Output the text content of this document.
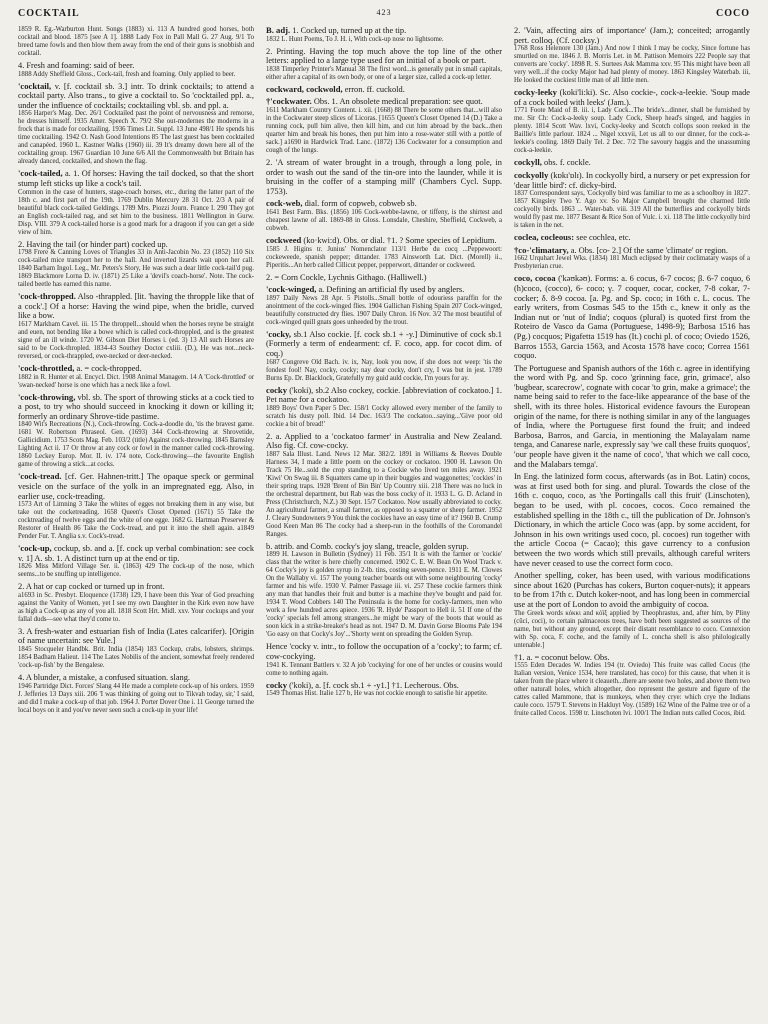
COCKTAIL	423	COCO
1859 R. Eg.-Warburton Hunt. Songs (1883) xi. 113 A hundred good horses, both cocktail and blood. 1875 [see A 1]. 1888 Lady Fox in Pall Mall G. 27 Aug. 9/1 To breed tame fowls and then blow them away from the end of their guns is snobbish and cocktail.
4. Fresh and foaming: said of beer.
1888 Addy Sheffield Gloss., Cock-tail, fresh and foaming. Only applied to beer.
'cocktail, v. [f. cocktail sb. 3.] intr. To drink cocktails; to attend a cocktail party. Also trans., to give a cocktail to. So 'cocktailed ppl. a., under the influence of cocktails; cocktailing vbl. sb. and ppl. a.
1856 Harper's Mag. Dec. 26/1 Cocktailed past the point of nervousness and remorse, he dresses himself. 1935 Amer. Speech X. 79/2 She out-modernes the moderns in a frock that is made for cocktailing. 1936 Times Lit. Suppl. 13 June 498/1 He spends his time cocktailing. 1942 O. Nash Good Intentions 85 The last guest has been cocktailed and canapéed. 1960 L. Kastner Walks (1960) iii. 39 It's dreamy down here all of the cocktailing group. 1967 Guardian 10 June 6/6 All the Commonwealth but Britain has already danced, cocktailed, and shown the flag.
'cock-tailed, a. 1. Of horses: Having the tail docked, so that the short stump left sticks up like a cock's tail.
Common in the case of hunters, stage-coach horses, etc., during the latter part of the 18th c. and first part of the 19th. 1769 Dublin Mercury 28 31 Oct. 2/3 A pair of beautiful black cock-tailed Geldings. 1789 Mrs. Piozzi Journ. France I. 290 They got an English cock-tailed nag, and set him to the business. 1811 Wellington in Gurw. Disp. VIII. 379 A cock-tailed horse is a good mark for a dragoon if you can get a side view of him.
2. Having the tail (or hinder part) cocked up.
1798 Frere & Canning Loves of Triangles 33 in Anti-Jacobin No. 23 (1852) 110 Six cock-tailed mice transport her to the hall. And inverted lizards wait upon her call. 1840 Barham Ingol. Leg., Mr. Peters's Story, He was such a dear little cock-tail'd pug. 1869 Blackmore Lorna D. iv. (1871) 25 Like a 'devil's coach-horse'. Note. The cock-tailed beetle has earned this name.
'cock-thropped. Also -thrappled. [lit. 'having the thropple like that of a cock'.] Of a horse: Having the wind pipe, when the bridle, curved like a bow.
1617 Markham Cavel. iii. 15 The throppell...should when the horses reyne be straight and euen, not bending like a bowe which is called cock-throppled, and is the greatest signe of an ill winde. 1720 W. Gibson Diet Horses i. (ed. 3) 13 All such Horses are said to be Cock-thropled. 1834-43 Southey Doctor cxliii. (D.), He was not...neck-reversed, or cock-thrappled, ewe-necked or deer-necked.
'cock-throttled, a. = cock-thropped.
1882 in R. Hunter et al. Encycl. Dict. 1908 Animal Managem. 14 A 'Cock-throttled' or 'swan-necked' horse is one which has a neck like a fowl.
'cock-throwing, vbl. sb. The sport of throwing sticks at a cock tied to a post, to try who should succeed in knocking it down or killing it; formerly an ordinary Shrove-tide pastime.
1840 Wit's Recreations (N.), Cock-throwing. Cock-a-doodle do, 'tis the bravest game. 1681 W. Robertson Phraseol. Gen. (1693) 344 Cock-throwing at Shrovetide, Gallicidium. 1753 Scots Mag. Feb. 103/2 (title) Against cock-throwing. 1845 Barnsley Lighting Act ii. 17 Or throw at any cock or fowl in the manner called cock-throwing. 1860 Leckey Europ. Mor. II. iv. 174 note, Cock-throwing—the favourite English game of throwing a stick...at cocks.
'cock-tread. [cf. Ger. Hahnen-tritt.] The opaque speck or germinal vesicle on the surface of the yolk in an impregnated egg. Also, in earlier use, cock-treading.
1573 Art of Limning 3 Take the whites of egges not breaking them in any wise, but take out the cocketreading. 1658 Queen's Closet Opened (1671) 55 Take the cocktreading of twelve eggs and the white of one egge. 1682 G. Hartman Preserver & Restorer of Health 86 Take the Cock-tread, and put it into the shell again. a1849 Pender Fur. T. Anglia s.v. Cock's-tread.
'cock-up, cockup, sb. and a. [f. cock up verbal combination: see cock v. 1] A. sb. 1. A distinct turn up at the end or tip.
1826 Miss Mitford Village Ser. ii. (1863) 429 The cock-up of the nose, which seems...to be snuffing up intelligence.
2. A hat or cap cocked or turned up in front.
a1693 in Sc. Presbyt. Eloquence (1738) 129, I have been this Year of God preaching against the Vanity of Women, yet I see my own Daughter in the Kirk even now have as high a Cock-up as any of you all. 1818 Scott Hrt. Midl. xxv. Your cockups and your fallal duds—see what they'd come to.
3. A fresh-water and estuarian fish of India (Lates calcarifer). [Origin of name uncertain: see Yule.]
1845 Stocqueler Handbk. Brit. India (1854) 183 Cockup, crabs, lobsters, shrimps. 1854 Badham Halieut. 114 The Lates Nobilis of the ancient, somewhat freely rendered 'cock-up-fish' by the Bengalese.
4. A blunder, a mistake, a confused situation. slang.
1946 Partridge Dict. Forces' Slang 44 He made a complete cock-up of his orders. 1959 J. Jefferies 13 Days xiii. 206 'I was thinking of going out to Tikvah today, sir,' I said, and did I make a cock-up of that job. 1964 J. Porter Dover One i. 11 George turned the local boys on it and you've never seen such a cock-up in your life!
B. adj. 1. Cocked up, turned up at the tip.
1832 L. Hunt Poems, To J. H. i, With cock-up nose no lightsome.
2. Printing. Having the top much above the top line of the other letters: applied to a large type used for an initial of a book or part.
1838 Timperley Printer's Manual 38 The first word...is generally put in small capitals, either after a capital of its own body, or one of a larger size, called a cock-up letter.
cockward, cockwold, erron. ff. cuckold.
†'cockwater. Obs. 1. An obsolete medical preparation: see quot.
1611 Markham Country Content. i. xii. (1668) 88 There be some others that...will also in the Cockwater steep slices of Licoras. [1655 Queen's Closet Opened 14 (D.) Take a running cock, pull him alive, then kill him, and cut him abroad by the back...then quarter him and break his bones, then put him into a rose-water still with a pottle of sack.] a1690 in Hardwick Trad. Lanc. (1872) 136 Cockwater for a consumption and cough of the lungs.
2. 'A stream of water brought in a trough, through a long pole, in order to wash out the sand of the tin-ore into the launder, while it is bruising in the coffer of a stamping mill' (Chambers Cycl. Supp. 1753).
cock-web, dial. form of copweb, cobweb sb.
1641 Best Farm. Bks. (1856) 106 Cock-webbe-lawne, or tiffeny, is the shirtest and cheapest lawne of all. 1869-88 in Gloss. Lonsdale, Cheshire, Sheffield, Cockweb, a cobweb.
cockweed (ko·kwi:d). Obs. or dial. †1. ? Some species of Lepidium.
1585 J. Higins tr. Junius' Nomenclator 113/1 Herbe du cocq ...Peppewoort: cockeweede, spanish pepper; dittander. 1783 Ainsworth Lat. Dict. (Morell) ii., Piperitis...An herb called Cillicut pepper, pepperwort, dittander or cockweed.
2. = Corn Cockle, Lychnis Githago. (Halliwell.)
'cock-winged, a. Defining an artificial fly used by anglers.
1897 Daily News 28 Apr. 5 Pistolls...Small bottle of odouriess paraffin for the anointment of the cock-winged flies. 1904 Gallichan Fishing Spain 207 Cock-winged, beautifully constructed dry flies. 1907 Daily Chron. 16 Nov. 3/2 The most beautiful of cock-winged quill gnats goes unheeded by the trout.
'cocky, sb.1 Also cockie. [f. cock sb.1 + -y.] Diminutive of cock sb.1 (Formerly a term of endearment: cf. F. coco, app. for cocot dim. of coq.)
1687 Congreve Old Bach. iv. ix, Nay, look you now, if she does not weep: 'tis the fondest fool! Nay, cocky, cocky; nay dear cocky, don't cry, I was but in jest. 1789 Burns Ep. Dr. Blacklock, Gratefully my guid auld cockie, I'm yours for ay.
cocky ('koki), sb.2 Also cockey, cockie. [abbreviation of cockatoo.] 1. Pet name for a cockatoo.
1889 Boys' Own Paper 5 Dec. 158/1 Cocky allowed every member of the family to scratch his dusty poll. Ibid. 14 Dec. 163/3 The cockatoo...saying...'Give poor old cockie a bit of bread!'
2. a. Applied to a 'cockatoo farmer' in Australia and New Zealand. Also fig. Cf. cow-cocky.
1887 Sala Illust. Land. News 12 Mar. 382/2. 1891 in Williams & Reeves Double Harness 34, I made a little poem on the cockey or cockatoo. 1900 H. Lawson On Track 75 He...sold the crop standing to a Cockie who lived ten miles away. 1921 'Kiwi' On Swag iii. 8 Squatters came up in their buggies and waggonettes; 'cockies' in their spring traps. 1928 'Brent of Bin Bin' Up Country xiii. 218 There was no luck in the orchestral department, but Rab was the boss cocky of it. 1933 L. G. D. Acland in Press (Christchurch, N.Z.) 30 Sept. 15/7 Cockatoo. Now usually abbreviated to cocky. An agricultural farmer, a small farmer, as opposed to a squatter or sheep farmer. 1952 J. Cleary Sundowners 9 You think the cockies have an easy time of it? 1960 B. Crump Good Keen Man 86 The cocky had a sheep-run in the foothills of the Coromandel Ranges.
b. attrib. and Comb. cocky's joy slang, treacle, golden syrup.
1899 H. Lawson in Bulletin (Sydney) 11 Feb. 35/1 It is with the farmer or 'cockie' class that the writer is here chiefly concerned. 1902 C. E. W. Bean On Wool Track v. 64 Cocky's joy is golden syrup in 2-lb. tins, costing seven-pence. 1911 E. M. Clowes On the Wallaby vi. 157 The young teacher boards out with some neighbouring 'cocky' farmer and his wife. 1930 V. Palmer Passage iii. vi. 257 These cockie farmers think any man that handles their fruit and butter is a machine they've bought and paid for. 1934 T. Wood Cobbers 140 The Peninsula is the home for cocky-farmers, men who work a few hundred acres apiece. 1936 'R. Hyde' Passport to Hell ii. 51 If one of the 'cocky' specials fell among strangers...he might be wary of the boots that would as soon kick in a strike-breaker's head as not. 1947 D. M. Davin Gorse Blooms Pale 194 'Go easy on that Cocky's Joy'...'Shorty went on spreading the Golden Syrup.
Hence 'cocky v. intr., to follow the occupation of a 'cocky'; to farm; cf. cow-cockying.
1941 K. Tennant Battlers v. 32 A job 'cockying' for one of her uncles or cousins would come to nothing again.
cocky ('koki), a. [f. cock sb.1 + -y1.] †1. Lecherous. Obs.
1549 Thomas Hist. Italie 127 b, He was not cockie enough to satisfie hir appetite.
2. 'Vain, affecting airs of importance' (Jam.); conceited; arrogantly pert. colloq. (Cf. cocksy.)
1768 Ross Helenore 130 (Jam.) And now I think I may be cocky, Since fortune has smurtled on me. 1846 J. B. Morris Let. in M. Pattison Memoirs 222 People say that converts are 'cocky'. 1898 R. S. Surtees Ask Mamma xxv. 95 This might have been all very well...if the cocky Major had had plenty of money. 1863 Kingsley Waterbab. iii, He looked the cockiest little man of all little men.
cocky-leeky (koki'li:ki). Sc. Also cockie-, cock-a-leekie. 'Soup made of a cock boiled with leeks' (Jam.).
1771 Foote Maid of B. iii. i, Lady Cock...The bride's...dinner, shall be furnished by me. Sir Ch: Cock-a-leeky soup. Lady Cock, Sheep head's singed, and haggies in plenty. 1814 Scott Wav. lxvi, Cocky-leeky and Scotch collops soon reeked in the Baillie's little parlour. 1824 ... Nigel xxxvii, Let us all to our dinner, for the cock-a-leekie's cooling. 1869 Daily Tel. 2 Dec. 7/2 The savoury haggis and the unassuming cock-a-leekie.
cockyll, obs. f. cockle.
cockyolly (kɒkɪ'ɒlɪ). In cockyolly bird, a nursery or pet expression for 'dear little bird': cf. dicky-bird.
1837 Correspondent says, 'Cockyolly bird was familiar to me as a schoolboy in 1827'. 1857 Kingsley Two Y. Ago xv. So Major Campbell brought the charmed little cockyolly birds. 1863 ... Water-bab. viii. 319 All the butterflies and cockyolly birds would fly past me. 1877 Besant & Rice Son of Vulc. i. xi. 118 The little cockyolly bird is taken in the net.
coclea, cocleous: see cochlea, etc.
†co-'climatary, a. Obs. [co- 2.] Of the same 'climate' or region.
1662 Urquhart Jewel Wks. (1834) 181 Much eclipsed by their coclimatary wasps of a Presbyterian crue.
coco, cocoa ('kəʊkəʊ). Forms: a. 6 cocus, 6-7 cocos; β. 6-7 coquo, 6 (h)coco, (cocco), 6- coco; γ. 7 coquer, cocar, cocker, 7-8 cokar, 7- cocker; δ. 8-9 cocoa. [a. Pg. and Sp. coco; in 16th c. L. cocus. The early writers, from Cosmas 545 to the 15th c., knew it only as the Indian nut or 'nut of India'; coquos (plural) is quoted first from the Roteiro de Vasco da Gama (Portuguese, 1498-9); Barbosa 1516 has (Pg.) cocquos; Pigafetta 1519 has (It.) cochi pl. of coco; Oviedo 1526, Barros 1553, Garcia 1563, and Acosta 1578 have coco; Correa 1561 coquo.
The Portuguese and Spanish authors of the 16th c. agree in identifying the word with Pg. and Sp. coco 'grinning face, grin, grimace', also 'bugbear, scarecrow', cognate with cocar 'to grin, make a grimace'; the name being said to refer to the face-like appearance of the base of the shell, with its three holes. Historical evidence favours the European origin of the name, for there is nothing similar in any of the languages of India, where the Portuguese first found the fruit; and indeed Barbosa, Barros, and Garcia, in mentioning the Malayalam name tenga, and Canarese narle, expressly say 'we call these fruits quoquos', 'our people have given it the name of coco', 'that which we call coco, and the Malabars temga'.
In Eng. the latinized form cocus, afterwards (as in Bot. Latin) cocos, was at first used both for sing. and plural. Towards the close of the 16th c. coquo, coco, as 'the Portingalls call this fruit' (Linschoten), began to be used, with pl. cocoes, cocos. Coco remained the established spelling in the 18th c., till the publication of Dr. Johnson's Dictionary, in which the article Coco was (app. by some accident, for Johnson in his own writings used coco, pl. cocoes) run together with the article Cocoa (= Cacao); this gave currency to a confusion between the two words which still prevails, although careful writers have never ceased to use the correct form coco.
Another spelling, coker, has been used, with various modifications since about 1620 (Purchas has cokers, Burton coquer-nuts); it appears to be from 17th c. Dutch koker-noot, and has long been in commercial use at the port of London to avoid the ambiguity of cocoa.
The Greek words κόκκι and κόïξ applied by Theophrastus, and, after him, by Pliny (cūci, coci), to certain palmaceous trees, have both been suggested as sources of the name, but without any ground, except their distant resemblance to coco. Connexion with Sp. coca, F. coche, and the family of L. concha shell is also philologically untenable.]
†1. a. = coconut below. Obs.
1555 Eden Decades W. Indies 194 (tr. Oviedo) This fruite was called Cocus (the Italian version, Venice 1534, here translated, has coco) for this cause, that when it is taken from the place where it cleaueth...there are seene two holes, and above them two other naturall holes, which altogether, doo represent the gesture and figure of the cattes called Mammone, that is munkeys, when they crye: which crye the Indians caule coco. 1579 T. Stevens in Hakluyt Voy. (1589) 162 Wine of the Palme tree or of a fruite called Cocos. 1598 tr. Linschoten lvi. 100/1 The Indian nuts called Cocos, ibid.
